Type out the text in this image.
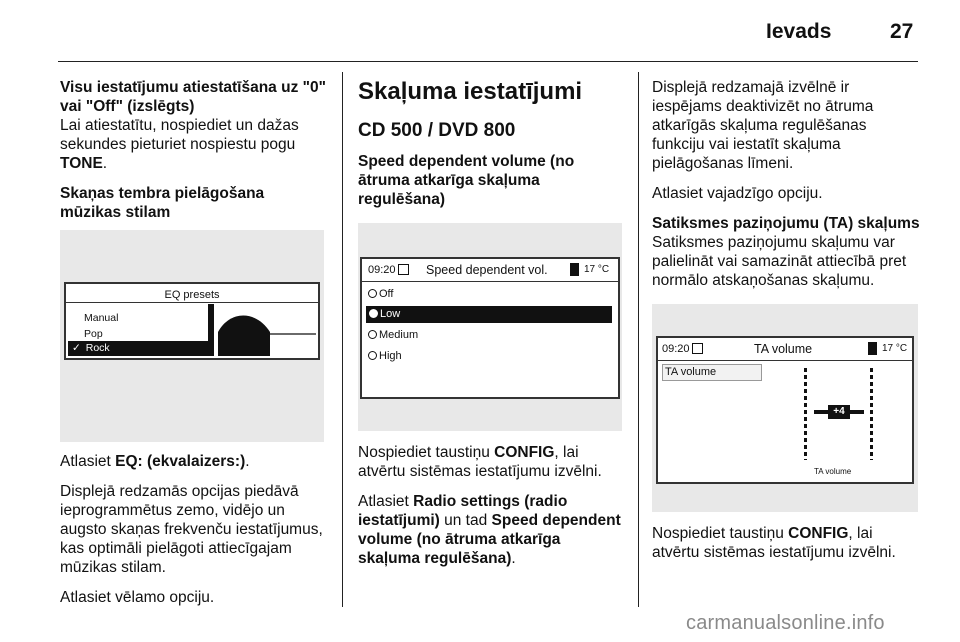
Ievads	27

Visu iestatījumu atiestatīšana uz "0" vai "Off" (izslēgts)

Lai atiestatītu, nospiediet un dažas sekundes pieturiet nospiestu pogu TONE.

Skaņas tembra pielāgošana mūzikas stilam

EQ presets
Manual
Pop
✓ Rock

Atlasiet EQ: (ekvalaizers:).

Displejā redzamās opcijas piedāvā ieprogrammētus zemo, vidējo un augsto skaņas frekvenču iestatījumus, kas optimāli pielāgoti attiecīgajam mūzikas stilam.

Atlasiet vēlamo opciju.

Skaļuma iestatījumi
CD 500 / DVD 800

Speed dependent volume (no ātruma atkarīga skaļuma regulēšana)

09:20 Speed dependent vol.	17 °C
Off
Low
Medium
High

Nospiediet taustiņu CONFIG, lai atvērtu sistēmas iestatījumu izvēlni.

Atlasiet Radio settings (radio iestatījumi) un tad Speed dependent volume (no ātruma atkarīga skaļuma regulēšana).

Displejā redzamajā izvēlnē ir iespējams deaktivizēt no ātruma atkarīgās skaļuma regulēšanas funkciju vai iestatīt skaļuma pielāgošanas līmeni.

Atlasiet vajadzīgo opciju.

Satiksmes paziņojumu (TA) skaļums

Satiksmes paziņojumu skaļumu var palielināt vai samazināt attiecībā pret normālo atskaņošanas skaļumu.

09:20	TA volume	17 °C
TA volume
+4
TA volume

Nospiediet taustiņu CONFIG, lai atvērtu sistēmas iestatījumu izvēlni.

carmanualsonline.info
